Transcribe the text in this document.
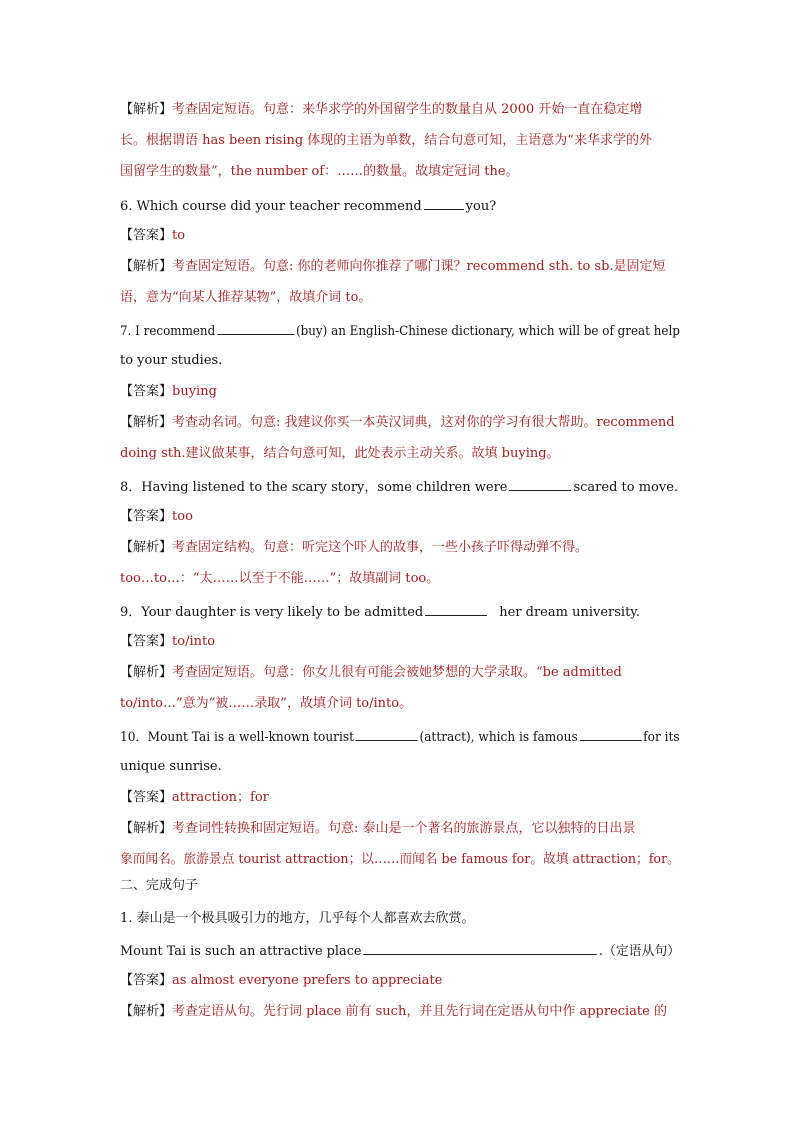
【解析】考查固定短语。句意：来华求学的外国留学生的数量自从 2000 开始一直在稳定增
长。根据谓语 has been rising 体现的主语为单数，结合句意可知，主语意为“来华求学的外
国留学生的数量”，the number of：……的数量。故填定冠词 the。
6. Which course did your teacher recommend	you?
【答案】to
【解析】考查固定短语。句意: 你的老师向你推荐了哪门课？recommend sth. to sb.是固定短
语，意为“向某人推荐某物”，故填介词 to。
7. I recommend	(buy) an English-Chinese dictionary, which will be of great help
to your studies.
【答案】buying
【解析】考查动名词。句意: 我建议你买一本英汉词典，这对你的学习有很大帮助。recommend
doing sth.建议做某事，结合句意可知，此处表示主动关系。故填 buying。
8．Having listened to the scary story，some children were	scared to move.
【答案】too
【解析】考查固定结构。句意：听完这个吓人的故事，一些小孩子吓得动弹不得。
too…to…：“太……以至于不能……”；故填副词 too。
9．Your daughter is very likely to be admitted	her dream university.
【答案】to/into
【解析】考查固定短语。句意：你女儿很有可能会被她梦想的大学录取。“be admitted
to/into…”意为“被……录取”，故填介词 to/into。
10．Mount Tai is a well-known tourist	(attract), which is famous	for its
unique sunrise.
【答案】attraction；for
【解析】考查词性转换和固定短语。句意: 泰山是一个著名的旅游景点，它以独特的日出景
象而闻名。旅游景点 tourist attraction；以……而闻名 be famous for。故填 attraction；for。
二、完成句子
1. 泰山是一个极具吸引力的地方，几乎每个人都喜欢去欣赏。
Mount Tai is such an attractive place	.（定语从句）
【答案】as almost everyone prefers to appreciate
【解析】考查定语从句。先行词 place 前有 such，并且先行词在定语从句中作 appreciate 的
